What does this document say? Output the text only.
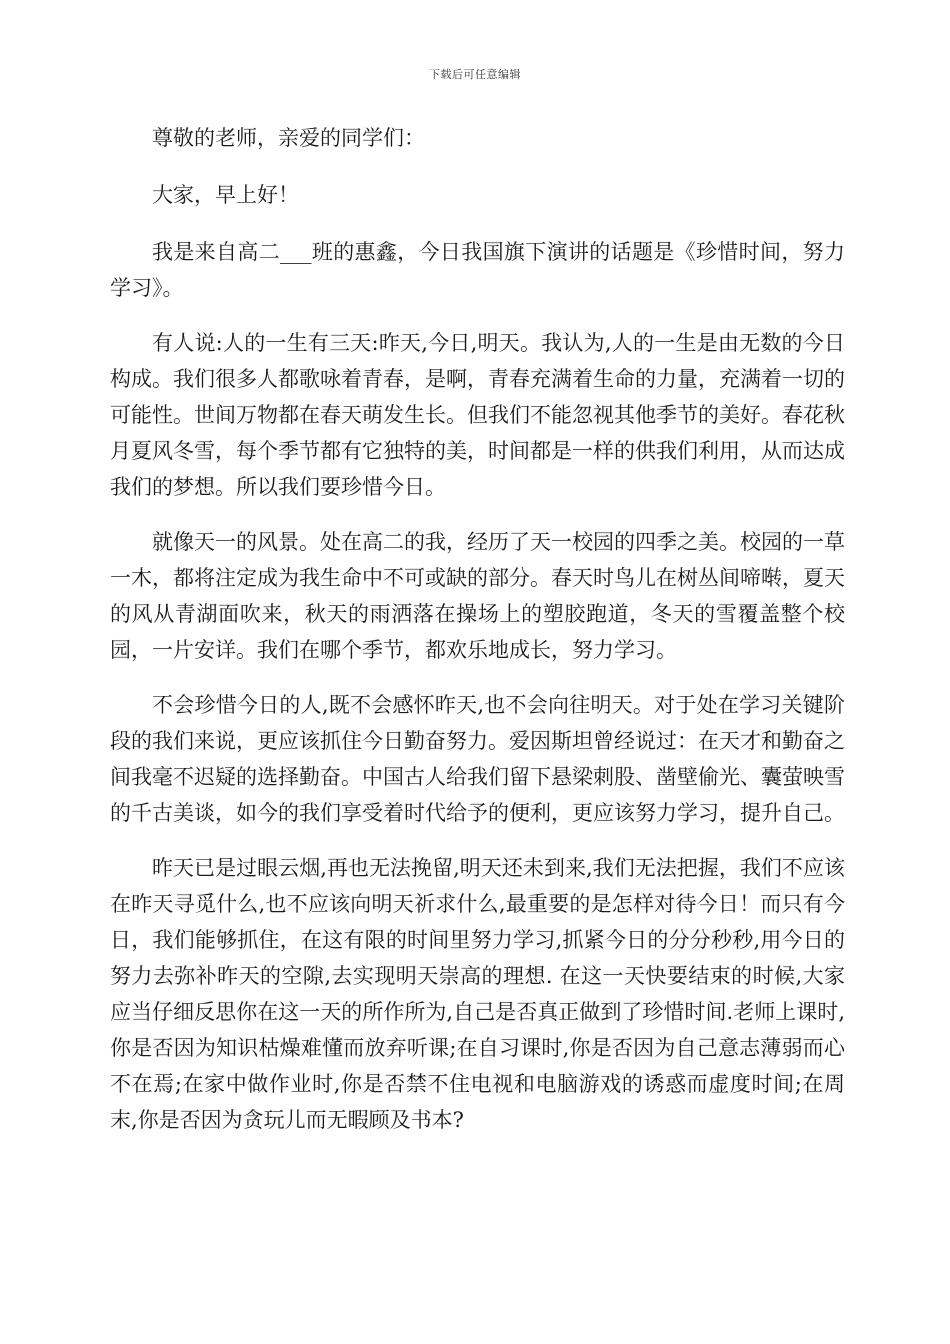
下载后可任意编辑

尊敬的老师，亲爱的同学们：

大家，早上好！

我是来自高二___班的惠鑫，今日我国旗下演讲的话题是《珍惜时间，努力学习》。

有人说:人的一生有三天:昨天,今日,明天。我认为,人的一生是由无数的今日构成。我们很多人都歌咏着青春，是啊，青春充满着生命的力量，充满着一切的可能性。世间万物都在春天萌发生长。但我们不能忽视其他季节的美好。春花秋月夏风冬雪，每个季节都有它独特的美，时间都是一样的供我们利用，从而达成我们的梦想。所以我们要珍惜今日。

就像天一的风景。处在高二的我，经历了天一校园的四季之美。校园的一草一木，都将注定成为我生命中不可或缺的部分。春天时鸟儿在树丛间啼啭，夏天的风从青湖面吹来，秋天的雨洒落在操场上的塑胶跑道，冬天的雪覆盖整个校园，一片安详。我们在哪个季节，都欢乐地成长，努力学习。

不会珍惜今日的人,既不会感怀昨天,也不会向往明天。对于处在学习关键阶段的我们来说，更应该抓住今日勤奋努力。爱因斯坦曾经说过：在天才和勤奋之间我毫不迟疑的选择勤奋。中国古人给我们留下悬梁刺股、凿壁偷光、囊萤映雪的千古美谈，如今的我们享受着时代给予的便利，更应该努力学习，提升自己。

昨天已是过眼云烟,再也无法挽留,明天还未到来,我们无法把握，我们不应该在昨天寻觅什么,也不应该向明天祈求什么,最重要的是怎样对待今日！而只有今日，我们能够抓住，在这有限的时间里努力学习,抓紧今日的分分秒秒,用今日的努力去弥补昨天的空隙,去实现明天崇高的理想. 在这一天快要结束的时候,大家应当仔细反思你在这一天的所作所为,自己是否真正做到了珍惜时间.老师上课时,你是否因为知识枯燥难懂而放弃听课;在自习课时,你是否因为自己意志薄弱而心不在焉;在家中做作业时,你是否禁不住电视和电脑游戏的诱惑而虚度时间;在周末,你是否因为贪玩儿而无暇顾及书本?
